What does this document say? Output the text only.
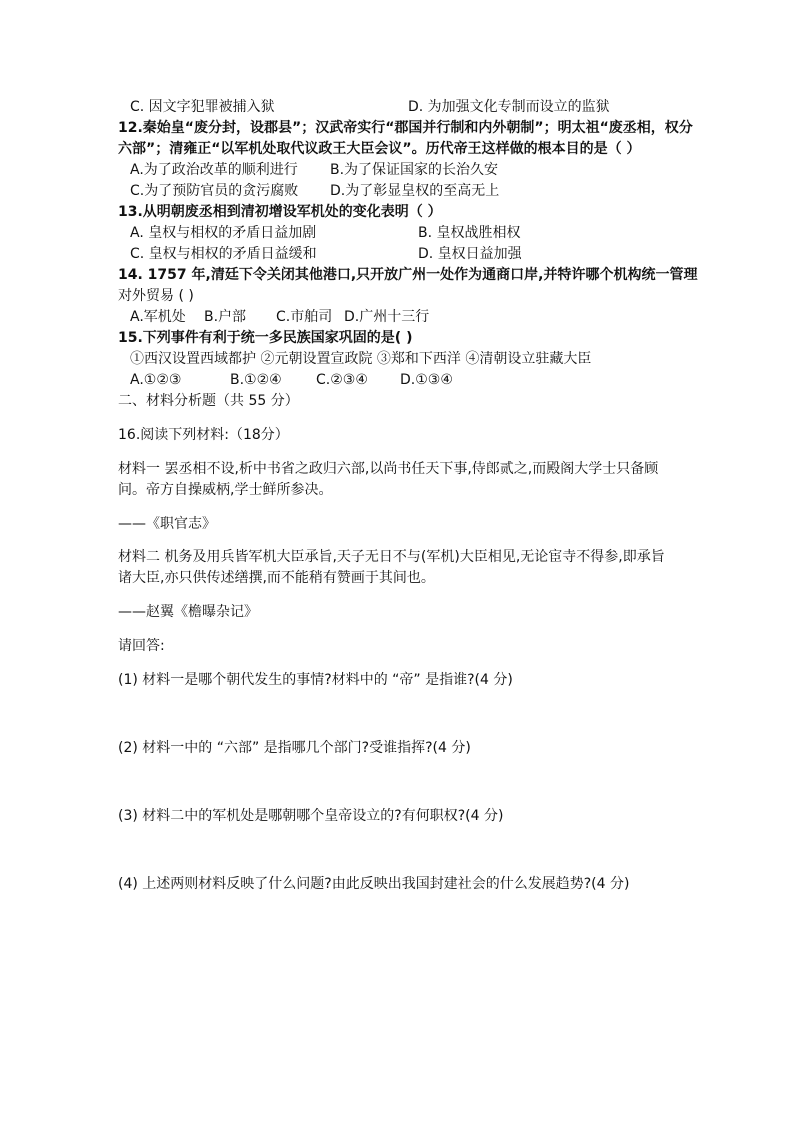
C. 因文字犯罪被捕入狱	D. 为加强文化专制而设立的监狱
12.秦始皇“废分封，设郡县”；汉武帝实行“郡国并行制和内外朝制”；明太祖“废丞相，权分
六部”；清雍正“以军机处取代议政王大臣会议”。历代帝王这样做的根本目的是（ ）
A.为了政治改革的顺利进行 B.为了保证国家的长治久安
C.为了预防官员的贪污腐败 D.为了彰显皇权的至高无上
13.从明朝废丞相到清初增设军机处的变化表明（ ）
A. 皇权与相权的矛盾日益加剧	B. 皇权战胜相权
C. 皇权与相权的矛盾日益缓和	D. 皇权日益加强
14. 1757 年,清廷下令关闭其他港口,只开放广州一处作为通商口岸,并特许哪个机构统一管理
对外贸易 ( )
A.军机处 B.户部 C.市舶司 D.广州十三行
15.下列事件有利于统一多民族国家巩固的是( )
①西汉设置西域都护 ②元朝设置宣政院 ③郑和下西洋 ④清朝设立驻藏大臣
A.①②③	B.①②④ C.②③④ D.①③④
二、材料分析题（共 55 分）
16.阅读下列材料:（18分）
材料一 罢丞相不设,析中书省之政归六部,以尚书任天下事,侍郎贰之,而殿阁大学士只备顾
问。帝方自操威柄,学士鲜所参决。
——《职官志》
材料二 机务及用兵皆军机大臣承旨,天子无日不与(军机)大臣相见,无论宦寺不得参,即承旨
诸大臣,亦只供传述缮撰,而不能稍有赞画于其间也。
——赵翼《檐曝杂记》
请回答:
(1) 材料一是哪个朝代发生的事情?材料中的 “帝” 是指谁?(4 分)
(2) 材料一中的 “六部” 是指哪几个部门?受谁指挥?(4 分)
(3) 材料二中的军机处是哪朝哪个皇帝设立的?有何职权?(4 分)
(4) 上述两则材料反映了什么问题?由此反映出我国封建社会的什么发展趋势?(4 分)
